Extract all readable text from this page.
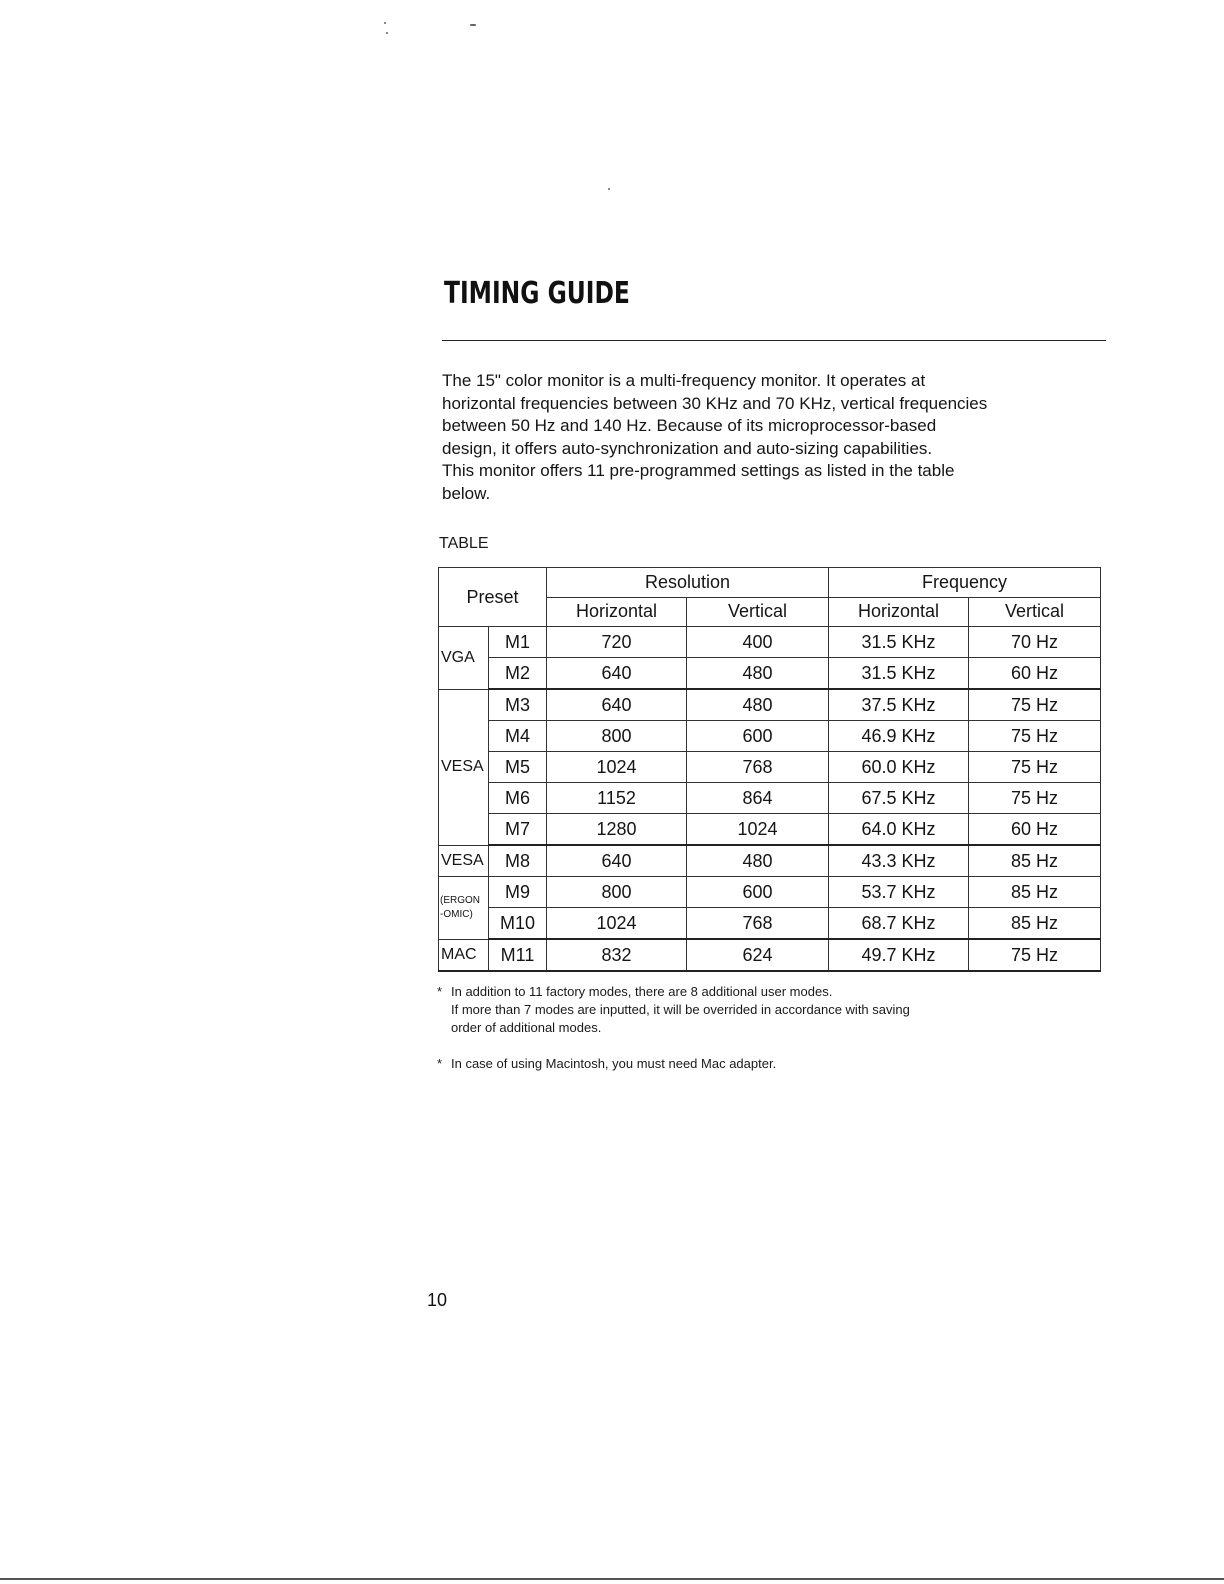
TIMING GUIDE

The 15" color monitor is a multi-frequency monitor. It operates at
horizontal frequencies between 30 KHz and 70 KHz, vertical frequencies
between 50 Hz and 140 Hz. Because of its microprocessor-based
design, it offers auto-synchronization and auto-sizing capabilities.
This monitor offers 11 pre-programmed settings as listed in the table
below.

TABLE

Preset		Resolution		Frequency	
		Horizontal	Vertical	Horizontal	Vertical
VGA	M1	720	400	31.5 KHz	70 Hz
	M2	640	480	31.5 KHz	60 Hz
VESA	M3	640	480	37.5 KHz	75 Hz
	M4	800	600	46.9 KHz	75 Hz
	M5	1024	768	60.0 KHz	75 Hz
	M6	1152	864	67.5 KHz	75 Hz
	M7	1280	1024	64.0 KHz	60 Hz
VESA	M8	640	480	43.3 KHz	85 Hz
(ERGON
-OMIC)	M9	800	600	53.7 KHz	85 Hz
	M10	1024	768	68.7 KHz	85 Hz
MAC	M11	832	624	49.7 KHz	75 Hz

* In addition to 11 factory modes, there are 8 additional user modes.
If more than 7 modes are inputted, it will be overrided in accordance with saving
order of additional modes.

* In case of using Macintosh, you must need Mac adapter.

10
